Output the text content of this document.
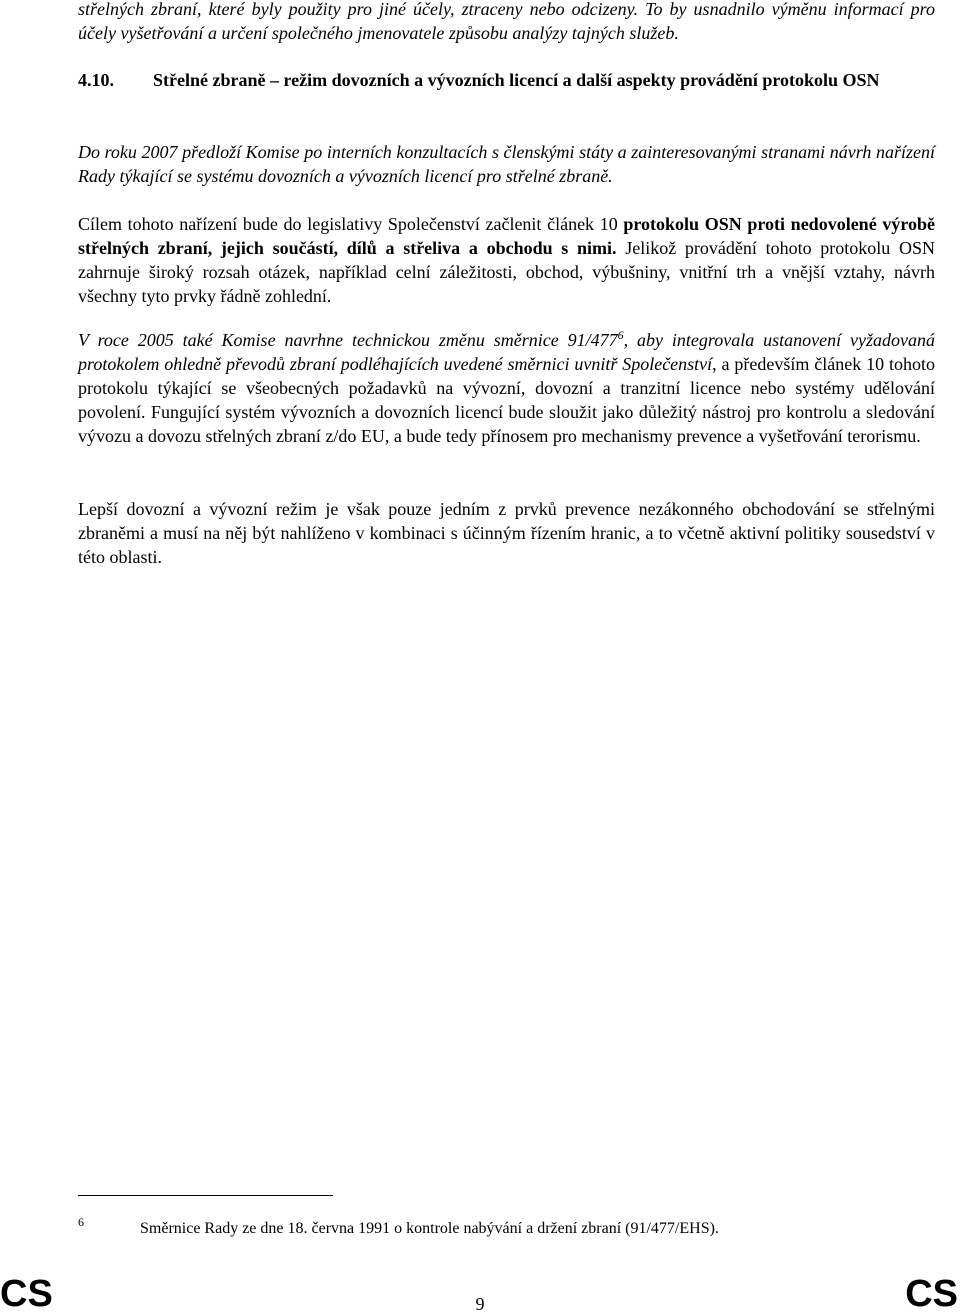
střelných zbraní, které byly použity pro jiné účely, ztraceny nebo odcizeny. To by usnadnilo výměnu informací pro účely vyšetřování a určení společného jmenovatele způsobu analýzy tajných služeb.
4.10. Střelné zbraně – režim dovozních a vývozních licencí a další aspekty provádění protokolu OSN
Do roku 2007 předloží Komise po interních konzultacích s členskými státy a zainteresovanými stranami návrh nařízení Rady týkající se systému dovozních a vývozních licencí pro střelné zbraně.
Cílem tohoto nařízení bude do legislativy Společenství začlenit článek 10 protokolu OSN proti nedovolené výrobě střelných zbraní, jejich součástí, dílů a střeliva a obchodu s nimi. Jelikož provádění tohoto protokolu OSN zahrnuje široký rozsah otázek, například celní záležitosti, obchod, výbušniny, vnitřní trh a vnější vztahy, návrh všechny tyto prvky řádně zohlední.
V roce 2005 také Komise navrhne technickou změnu směrnice $91/477^6$, aby integrovala ustanovení vyžadovaná protokolem ohledně převodů zbraní podléhajících uvedené směrnici uvnitř Společenství, a především článek 10 tohoto protokolu týkající se všeobecných požadavků na vývozní, dovozní a tranzitní licence nebo systémy udělování povolení. Fungující systém vývozních a dovozních licencí bude sloužit jako důležitý nástroj pro kontrolu a sledování vývozu a dovozu střelných zbraní z/do EU, a bude tedy přínosem pro mechanismy prevence a vyšetřování terorismu.
Lepší dovozní a vývozní režim je však pouze jedním z prvků prevence nezákonného obchodování se střelnými zbraněmi a musí na něj být nahlíženo v kombinaci s účinným řízením hranic, a to včetně aktivní politiky sousedství v této oblasti.
6	Směrnice Rady ze dne 18. června 1991 o kontrole nabývání a držení zbraní (91/477/EHS).
CS	9	CS
